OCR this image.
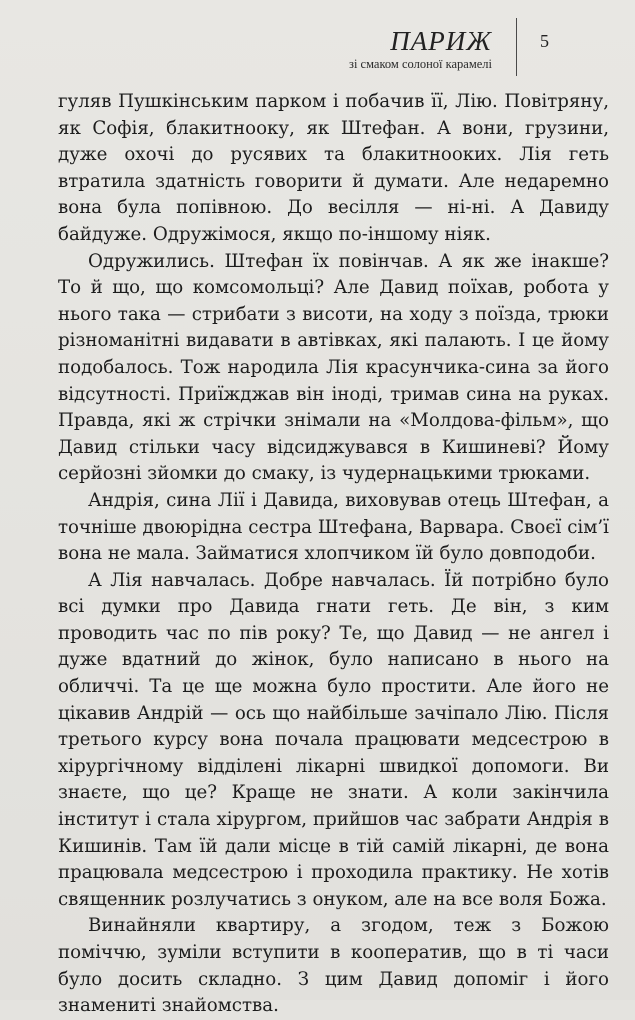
ПАРИЖ
зі смаком солоної карамелі
5

гуляв Пушкінським парком і побачив її, Лію. Повітряну, як Софія, блакитнооку, як Штефан. А вони, грузини, дуже охочі до русявих та блакитнооких. Лія геть втратила здатність говорити й думати. Але недаремно вона була попівною. До весілля — ні-ні. А Давиду байдуже. Одружімося, якщо по-іншому ніяк.

Одружились. Штефан їх повінчав. А як же інакше? То й що, що комсомольці? Але Давид поїхав, робота у нього така — стрибати з висоти, на ходу з поїзда, трюки різноманітні видавати в автівках, які палають. І це йому подобалось. Тож народила Лія красунчика-сина за його відсутності. Приїжджав він іноді, тримав сина на руках. Правда, які ж стрічки знімали на «Молдова-фільм», що Давид стільки часу відсиджувався в Кишиневі? Йому серйозні зйомки до смаку, із чудернацькими трюками.

Андрія, сина Лії і Давида, виховував отець Штефан, а точніше двоюрідна сестра Штефана, Варвара. Своєї сім’ї вона не мала. Займатися хлопчиком їй було довподоби.

А Лія навчалась. Добре навчалась. Їй потрібно було всі думки про Давида гнати геть. Де він, з ким проводить час по пів року? Те, що Давид — не ангел і дуже вдатний до жінок, було написано в нього на обличчі. Та це ще можна було простити. Але його не цікавив Андрій — ось що найбільше зачіпало Лію. Після третього курсу вона почала працювати медсестрою в хірургічному відділені лікарні швидкої допомоги. Ви знаєте, що це? Краще не знати. А коли закінчила інститут і стала хірургом, прийшов час забрати Андрія в Кишинів. Там їй дали місце в тій самій лікарні, де вона працювала медсестрою і проходила практику. Не хотів священник розлучатись з онуком, але на все воля Божа.

Винайняли квартиру, а згодом, теж з Божою поміччю, зуміли вступити в кооператив, що в ті часи було досить складно. З цим Давид допоміг і його знамениті знайомства.
